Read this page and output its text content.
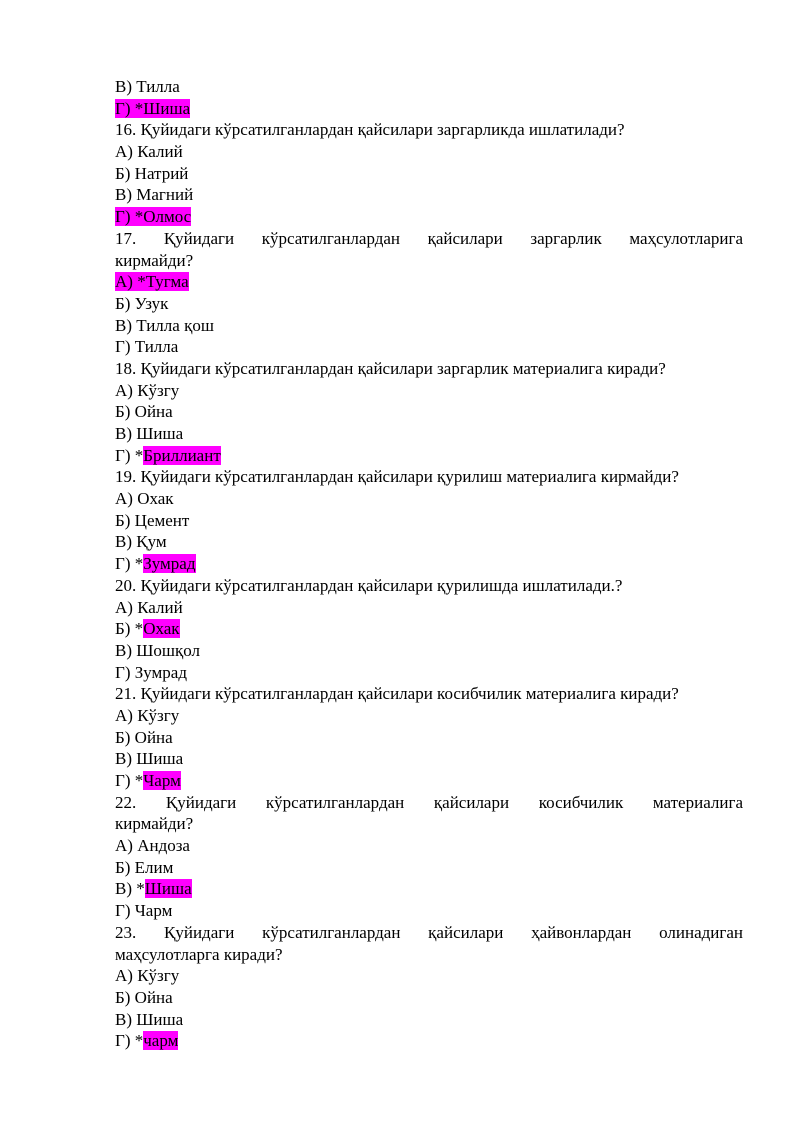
В) Тилла
Г) *Шиша
16. Қуйидаги кўрсатилганлардан қайсилари заргарликда ишлатилади?
А) Калий
Б) Натрий
В) Магний
Г) *Олмос
17. Қуйидаги кўрсатилганлардан қайсилари заргарлик маҳсулотларига
кирмайди?
А) *Тугма
Б) Узук
В) Тилла қош
Г) Тилла
18. Қуйидаги кўрсатилганлардан қайсилари заргарлик материалига киради?
А) Кўзгу
Б) Ойна
В) Шиша
Г) *Бриллиант
19. Қуйидаги кўрсатилганлардан қайсилари қурилиш материалига кирмайди?
А) Охак
Б) Цемент
В) Қум
Г) *Зумрад
20. Қуйидаги кўрсатилганлардан қайсилари қурилишда ишлатилади.?
А) Калий
Б) *Охак
В) Шошқол
Г) Зумрад
21. Қуйидаги кўрсатилганлардан қайсилари косибчилик материалига киради?
А) Кўзгу
Б) Ойна
В) Шиша
Г) *Чарм
22. Қуйидаги кўрсатилганлардан қайсилари косибчилик материалига
кирмайди?
А) Андоза
Б) Елим
В) *Шиша
Г) Чарм
23. Қуйидаги кўрсатилганлардан қайсилари ҳайвонлардан олинадиган
маҳсулотларга киради?
А) Кўзгу
Б) Ойна
В) Шиша
Г) *чарм
